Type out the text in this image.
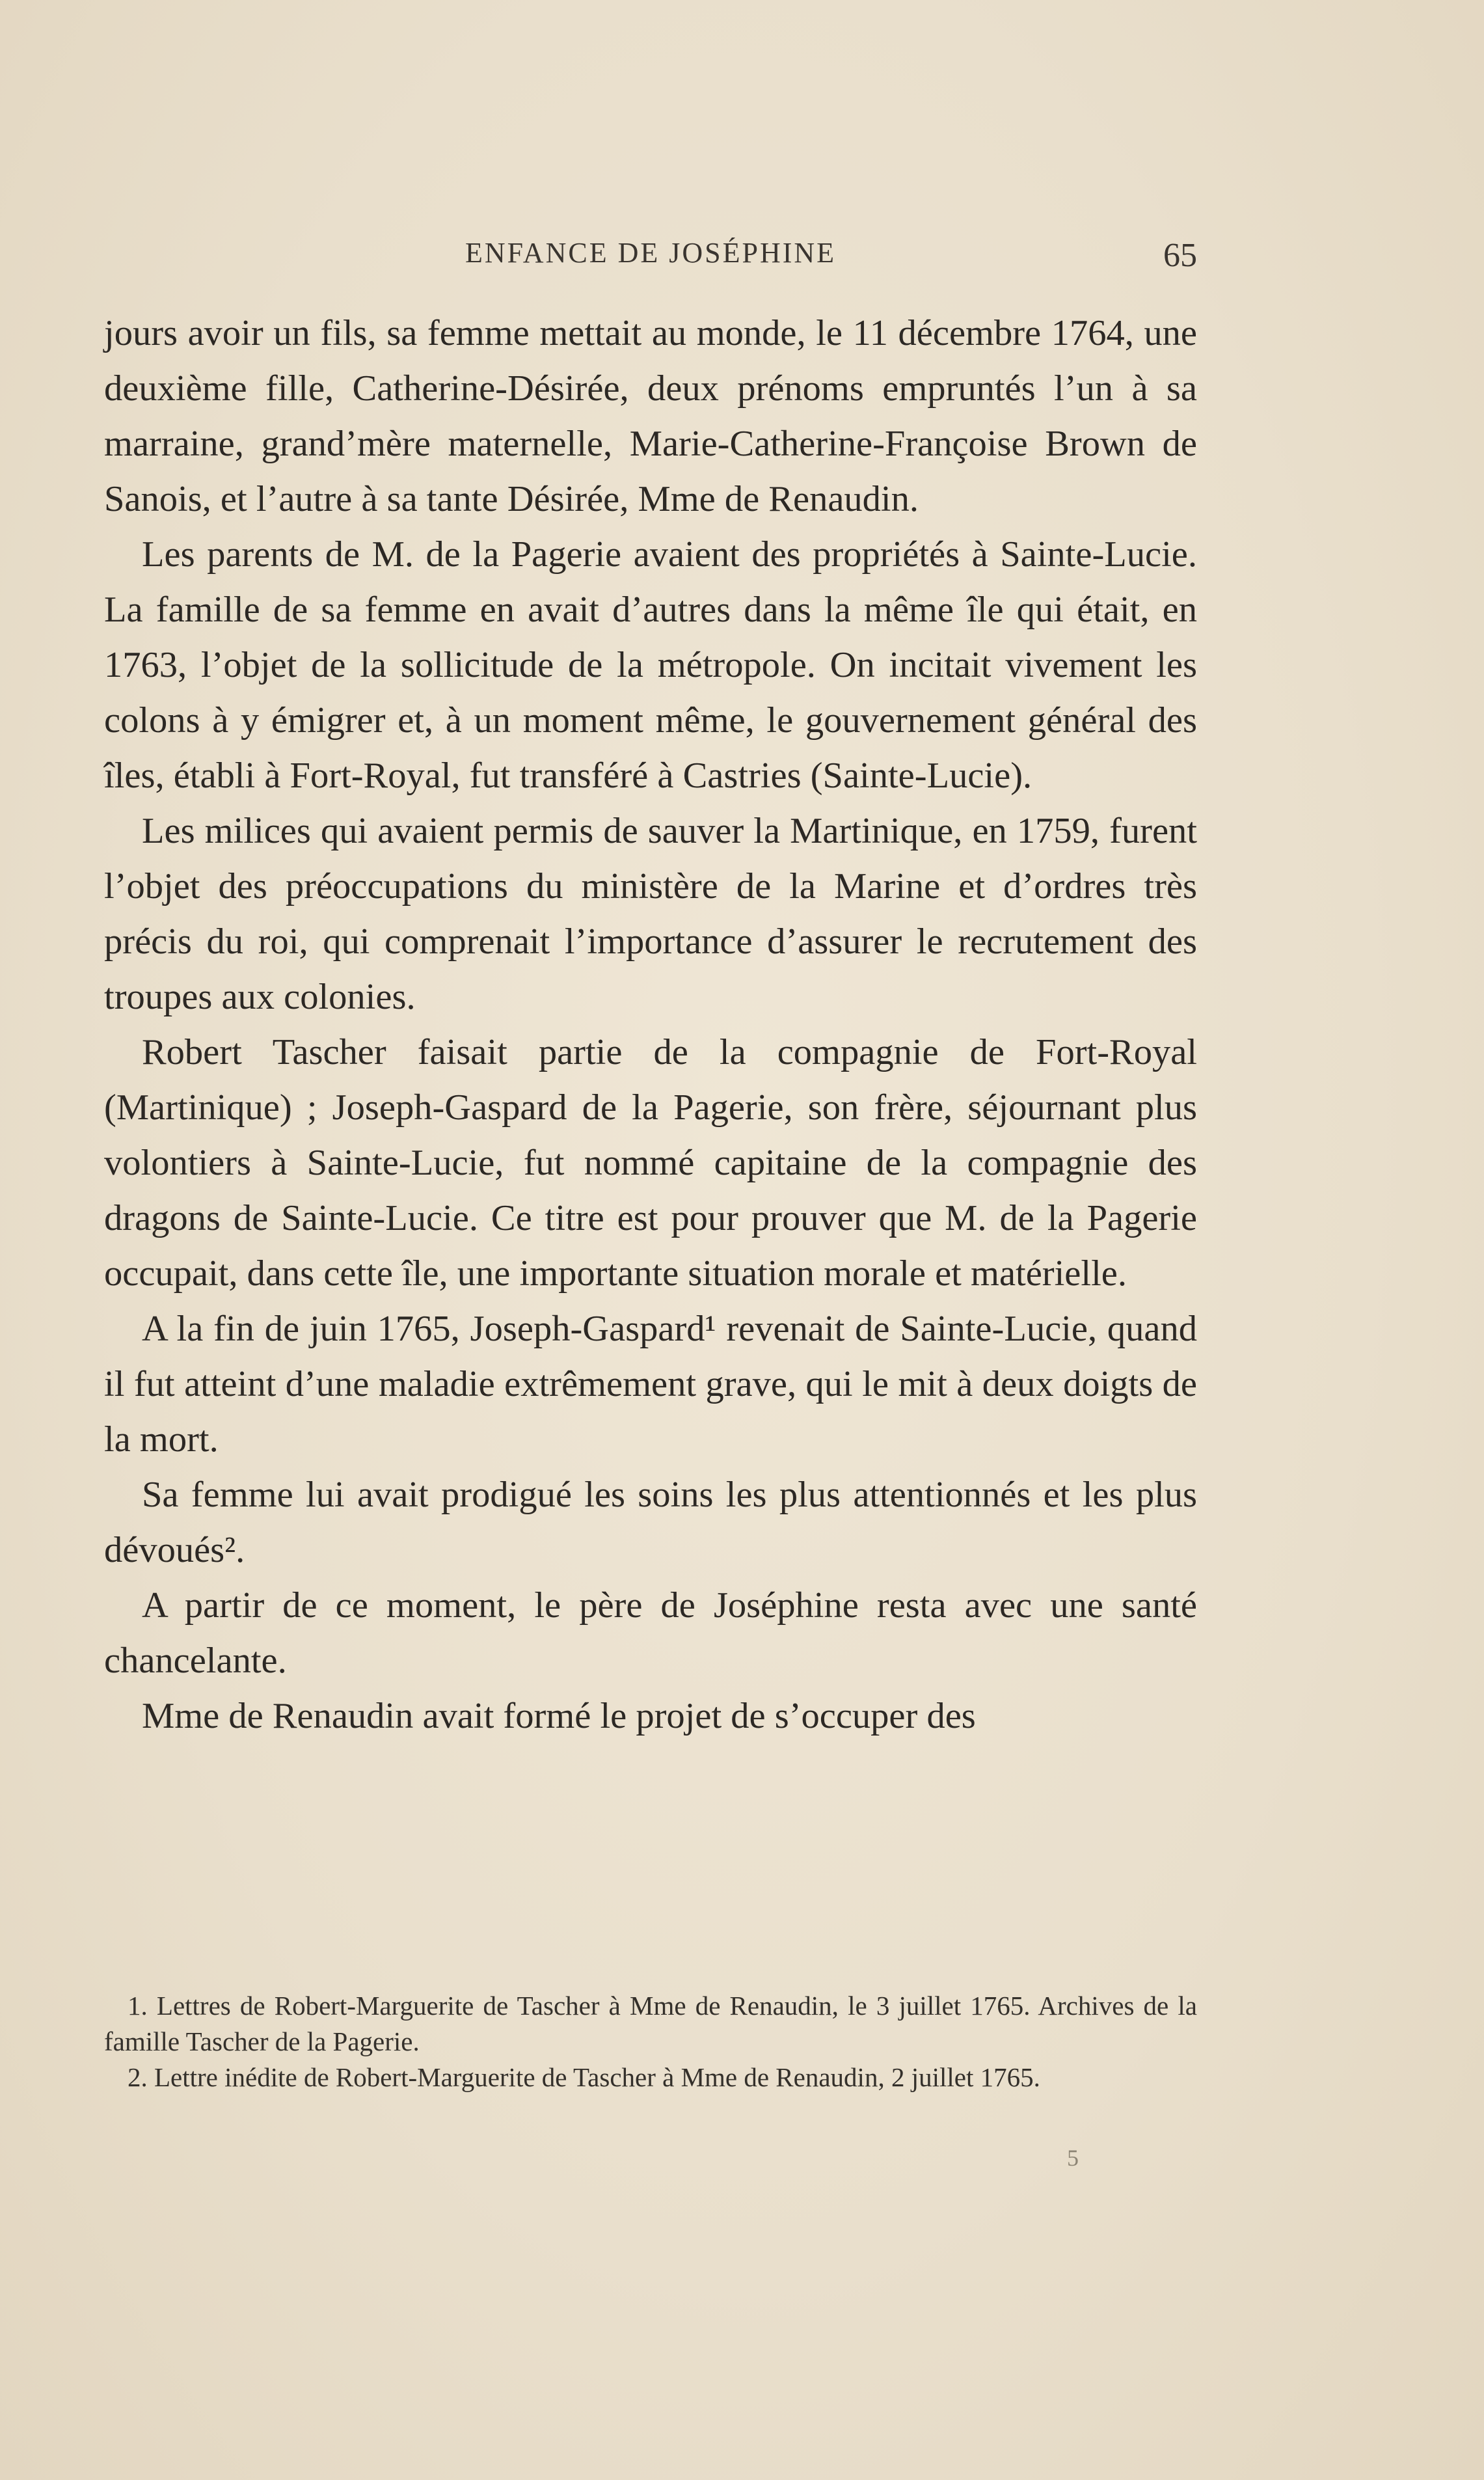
ENFANCE DE JOSÉPHINE	65

jours avoir un fils, sa femme mettait au monde, le 11 décembre 1764, une deuxième fille, Catherine-Désirée, deux prénoms empruntés l’un à sa marraine, grand’mère maternelle, Marie-Catherine-Françoise Brown de Sanois, et l’autre à sa tante Désirée, Mme de Renaudin.

Les parents de M. de la Pagerie avaient des propriétés à Sainte-Lucie. La famille de sa femme en avait d’autres dans la même île qui était, en 1763, l’objet de la sollicitude de la métropole. On incitait vivement les colons à y émigrer et, à un moment même, le gouvernement général des îles, établi à Fort-Royal, fut transféré à Castries (Sainte-Lucie).

Les milices qui avaient permis de sauver la Martinique, en 1759, furent l’objet des préoccupations du ministère de la Marine et d’ordres très précis du roi, qui comprenait l’importance d’assurer le recrutement des troupes aux colonies.

Robert Tascher faisait partie de la compagnie de Fort-Royal (Martinique) ; Joseph-Gaspard de la Pagerie, son frère, séjournant plus volontiers à Sainte-Lucie, fut nommé capitaine de la compagnie des dragons de Sainte-Lucie. Ce titre est pour prouver que M. de la Pagerie occupait, dans cette île, une importante situation morale et matérielle.

A la fin de juin 1765, Joseph-Gaspard¹ revenait de Sainte-Lucie, quand il fut atteint d’une maladie extrêmement grave, qui le mit à deux doigts de la mort.

Sa femme lui avait prodigué les soins les plus attentionnés et les plus dévoués².

A partir de ce moment, le père de Joséphine resta avec une santé chancelante.

Mme de Renaudin avait formé le projet de s’occuper des

1. Lettres de Robert-Marguerite de Tascher à Mme de Renaudin, le 3 juillet 1765. Archives de la famille Tascher de la Pagerie.

2. Lettre inédite de Robert-Marguerite de Tascher à Mme de Renaudin, 2 juillet 1765.

5
